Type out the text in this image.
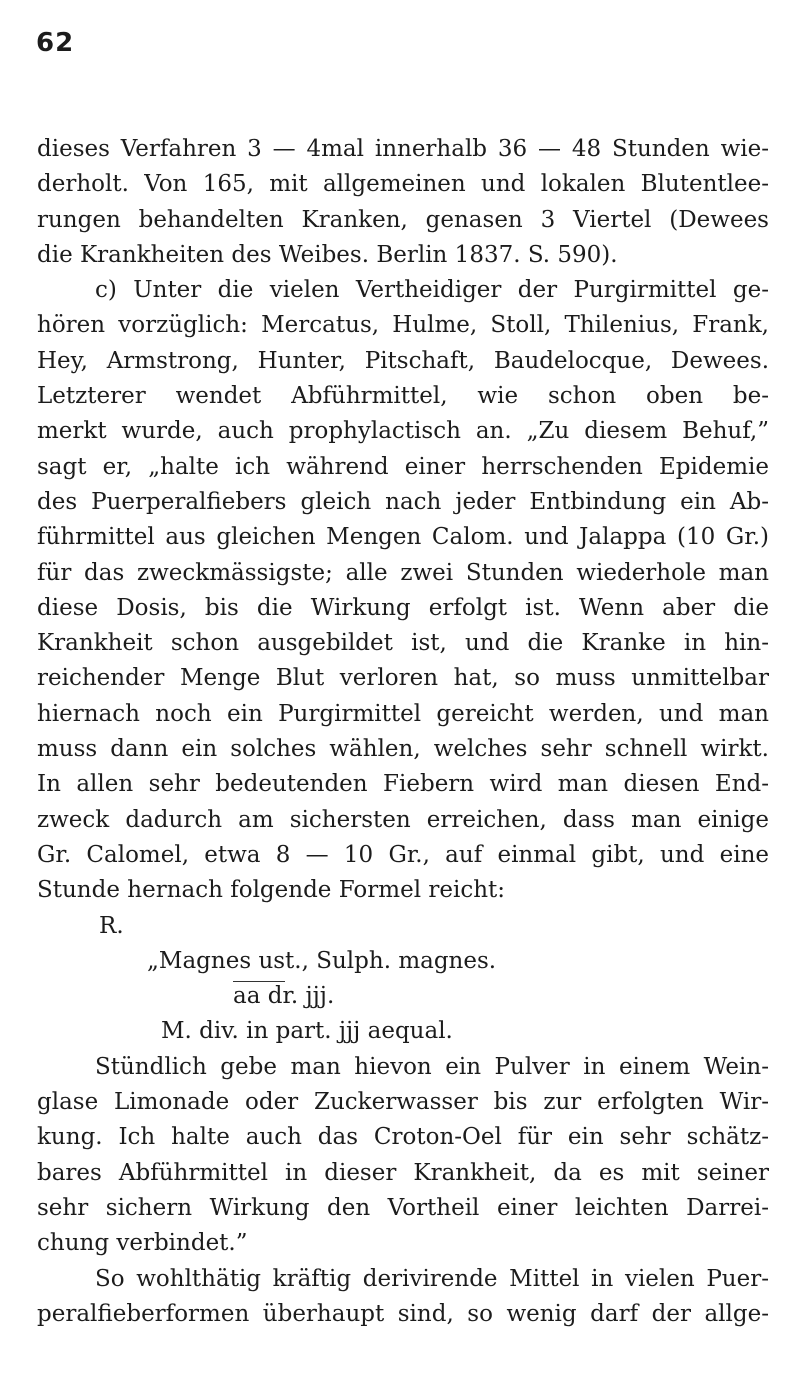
62
dieses Verfahren 3 — 4mal innerhalb 36 — 48 Stunden wie-
derholt. Von 165, mit allgemeinen und lokalen Blutentlee-
rungen behandelten Kranken, genasen 3 Viertel (Dewees
die Krankheiten des Weibes. Berlin 1837. S. 590).
c) Unter die vielen Vertheidiger der Purgirmittel ge-
hören vorzüglich: Mercatus, Hulme, Stoll, Thilenius, Frank,
Hey, Armstrong, Hunter, Pitschaft, Baudelocque, Dewees.
Letzterer wendet Abführmittel, wie schon oben be-
merkt wurde, auch prophylactisch an. „Zu diesem Behuf,”
sagt er, „halte ich während einer herrschenden Epidemie
des Puerperalfiebers gleich nach jeder Entbindung ein Ab-
führmittel aus gleichen Mengen Calom. und Jalappa (10 Gr.)
für das zweckmässigste; alle zwei Stunden wiederhole man
diese Dosis, bis die Wirkung erfolgt ist. Wenn aber die
Krankheit schon ausgebildet ist, und die Kranke in hin-
reichender Menge Blut verloren hat, so muss unmittelbar
hiernach noch ein Purgirmittel gereicht werden, und man
muss dann ein solches wählen, welches sehr schnell wirkt.
In allen sehr bedeutenden Fiebern wird man diesen End-
zweck dadurch am sichersten erreichen, dass man einige
Gr. Calomel, etwa 8 — 10 Gr., auf einmal gibt, und eine
Stunde hernach folgende Formel reicht:
R.
„Magnes ust., Sulph. magnes.
aa dr. jjj.
M. div. in part. jjj aequal.
Stündlich gebe man hievon ein Pulver in einem Wein-
glase Limonade oder Zuckerwasser bis zur erfolgten Wir-
kung. Ich halte auch das Croton-Oel für ein sehr schätz-
bares Abführmittel in dieser Krankheit, da es mit seiner
sehr sichern Wirkung den Vortheil einer leichten Darrei-
chung verbindet.”
So wohlthätig kräftig derivirende Mittel in vielen Puer-
peralfieberformen überhaupt sind, so wenig darf der allge-
